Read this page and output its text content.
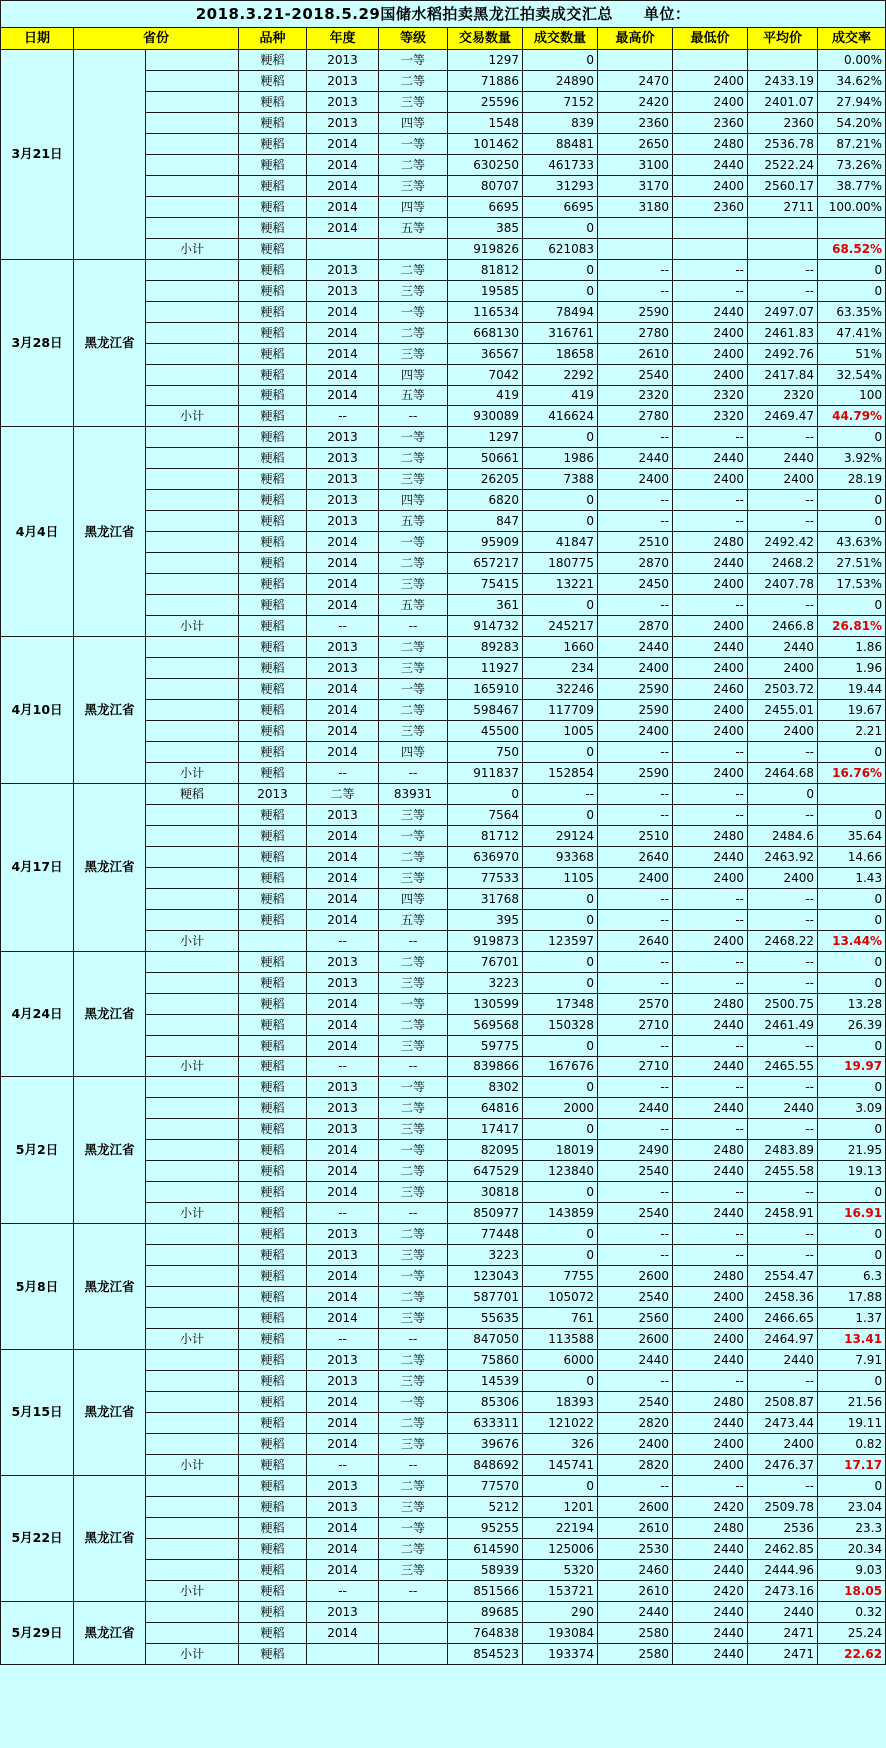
2018.3.21-2018.5.29国储水稻拍卖黑龙江拍卖成交汇总　　单位：											
日期	省份		品种	年度	等级	交易数量	成交数量	最高价	最低价	平均价	成交率
3月21日			粳稻	2013	一等	1297	0				0.00%
			粳稻	2013	二等	71886	24890	2470	2400	2433.19	34.62%
			粳稻	2013	三等	25596	7152	2420	2400	2401.07	27.94%
			粳稻	2013	四等	1548	839	2360	2360	2360	54.20%
			粳稻	2014	一等	101462	88481	2650	2480	2536.78	87.21%
			粳稻	2014	二等	630250	461733	3100	2440	2522.24	73.26%
			粳稻	2014	三等	80707	31293	3170	2400	2560.17	38.77%
			粳稻	2014	四等	6695	6695	3180	2360	2711	100.00%
			粳稻	2014	五等	385	0				
		小计	粳稻			919826	621083				68.52%
3月28日	黑龙江省		粳稻	2013	二等	81812	0	--	--	--	0
			粳稻	2013	三等	19585	0	--	--	--	0
			粳稻	2014	一等	116534	78494	2590	2440	2497.07	63.35%
			粳稻	2014	二等	668130	316761	2780	2400	2461.83	47.41%
			粳稻	2014	三等	36567	18658	2610	2400	2492.76	51%
			粳稻	2014	四等	7042	2292	2540	2400	2417.84	32.54%
			粳稻	2014	五等	419	419	2320	2320	2320	100
		小计	粳稻	--	--	930089	416624	2780	2320	2469.47	44.79%
4月4日	黑龙江省		粳稻	2013	一等	1297	0	--	--	--	0
			粳稻	2013	二等	50661	1986	2440	2440	2440	3.92%
			粳稻	2013	三等	26205	7388	2400	2400	2400	28.19
			粳稻	2013	四等	6820	0	--	--	--	0
			粳稻	2013	五等	847	0	--	--	--	0
			粳稻	2014	一等	95909	41847	2510	2480	2492.42	43.63%
			粳稻	2014	二等	657217	180775	2870	2440	2468.2	27.51%
			粳稻	2014	三等	75415	13221	2450	2400	2407.78	17.53%
			粳稻	2014	五等	361	0	--	--	--	0
		小计	粳稻	--	--	914732	245217	2870	2400	2466.8	26.81%
4月10日	黑龙江省		粳稻	2013	二等	89283	1660	2440	2440	2440	1.86
			粳稻	2013	三等	11927	234	2400	2400	2400	1.96
			粳稻	2014	一等	165910	32246	2590	2460	2503.72	19.44
			粳稻	2014	二等	598467	117709	2590	2400	2455.01	19.67
			粳稻	2014	三等	45500	1005	2400	2400	2400	2.21
			粳稻	2014	四等	750	0	--	--	--	0
		小计	粳稻	--	--	911837	152854	2590	2400	2464.68	16.76%
4月17日	黑龙江省	粳稻	2013	二等	83931	0	--	--	--	0	
			粳稻	2013	三等	7564	0	--	--	--	0
			粳稻	2014	一等	81712	29124	2510	2480	2484.6	35.64
			粳稻	2014	二等	636970	93368	2640	2440	2463.92	14.66
			粳稻	2014	三等	77533	1105	2400	2400	2400	1.43
			粳稻	2014	四等	31768	0	--	--	--	0
			粳稻	2014	五等	395	0	--	--	--	0
		小计		--	--	919873	123597	2640	2400	2468.22	13.44%
4月24日	黑龙江省		粳稻	2013	二等	76701	0	--	--	--	0
			粳稻	2013	三等	3223	0	--	--	--	0
			粳稻	2014	一等	130599	17348	2570	2480	2500.75	13.28
			粳稻	2014	二等	569568	150328	2710	2440	2461.49	26.39
			粳稻	2014	三等	59775	0	--	--	--	0
		小计	粳稻	--	--	839866	167676	2710	2440	2465.55	19.97
5月2日	黑龙江省		粳稻	2013	一等	8302	0	--	--	--	0
			粳稻	2013	二等	64816	2000	2440	2440	2440	3.09
			粳稻	2013	三等	17417	0	--	--	--	0
			粳稻	2014	一等	82095	18019	2490	2480	2483.89	21.95
			粳稻	2014	二等	647529	123840	2540	2440	2455.58	19.13
			粳稻	2014	三等	30818	0	--	--	--	0
		小计	粳稻	--	--	850977	143859	2540	2440	2458.91	16.91
5月8日	黑龙江省		粳稻	2013	二等	77448	0	--	--	--	0
			粳稻	2013	三等	3223	0	--	--	--	0
			粳稻	2014	一等	123043	7755	2600	2480	2554.47	6.3
			粳稻	2014	二等	587701	105072	2540	2400	2458.36	17.88
			粳稻	2014	三等	55635	761	2560	2400	2466.65	1.37
		小计	粳稻	--	--	847050	113588	2600	2400	2464.97	13.41
5月15日	黑龙江省		粳稻	2013	二等	75860	6000	2440	2440	2440	7.91
			粳稻	2013	三等	14539	0	--	--	--	0
			粳稻	2014	一等	85306	18393	2540	2480	2508.87	21.56
			粳稻	2014	二等	633311	121022	2820	2440	2473.44	19.11
			粳稻	2014	三等	39676	326	2400	2400	2400	0.82
		小计	粳稻	--	--	848692	145741	2820	2400	2476.37	17.17
5月22日	黑龙江省		粳稻	2013	二等	77570	0	--	--	--	0
			粳稻	2013	三等	5212	1201	2600	2420	2509.78	23.04
			粳稻	2014	一等	95255	22194	2610	2480	2536	23.3
			粳稻	2014	二等	614590	125006	2530	2440	2462.85	20.34
			粳稻	2014	三等	58939	5320	2460	2440	2444.96	9.03
		小计	粳稻	--	--	851566	153721	2610	2420	2473.16	18.05
5月29日	黑龙江省		粳稻	2013		89685	290	2440	2440	2440	0.32
			粳稻	2014		764838	193084	2580	2440	2471	25.24
		小计	粳稻			854523	193374	2580	2440	2471	22.62
